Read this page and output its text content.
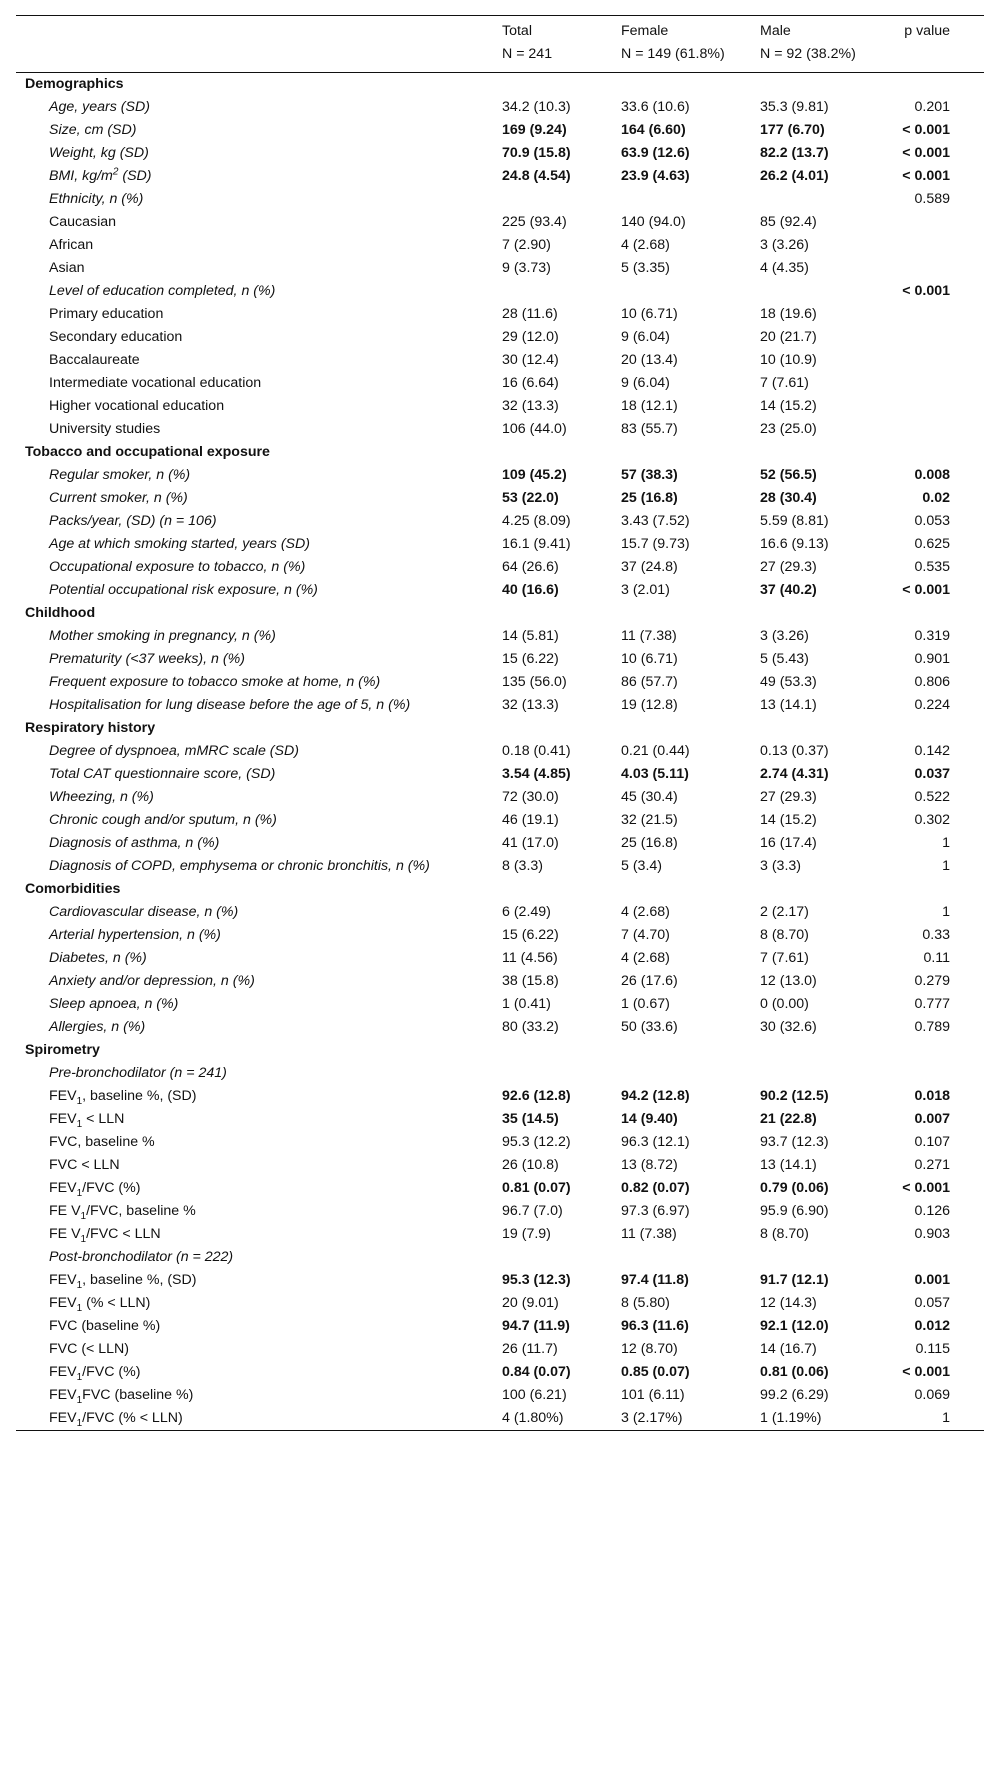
	Total	Female	Male	p value
	N = 241	N = 149 (61.8%)	N = 92 (38.2%)	
Demographics				
Age, years (SD)	34.2 (10.3)	33.6 (10.6)	35.3 (9.81)	0.201
Size, cm (SD)	169 (9.24)	164 (6.60)	177 (6.70)	< 0.001
Weight, kg (SD)	70.9 (15.8)	63.9 (12.6)	82.2 (13.7)	< 0.001
BMI, $kg/m^2$ (SD)	24.8 (4.54)	23.9 (4.63)	26.2 (4.01)	< 0.001
Ethnicity, n (%)				0.589
Caucasian	225 (93.4)	140 (94.0)	85 (92.4)	
African	7 (2.90)	4 (2.68)	3 (3.26)	
Asian	9 (3.73)	5 (3.35)	4 (4.35)	
Level of education completed, n (%)				< 0.001
Primary education	28 (11.6)	10 (6.71)	18 (19.6)	
Secondary education	29 (12.0)	9 (6.04)	20 (21.7)	
Baccalaureate	30 (12.4)	20 (13.4)	10 (10.9)	
Intermediate vocational education	16 (6.64)	9 (6.04)	7 (7.61)	
Higher vocational education	32 (13.3)	18 (12.1)	14 (15.2)	
University studies	106 (44.0)	83 (55.7)	23 (25.0)	
Tobacco and occupational exposure				
Regular smoker, n (%)	109 (45.2)	57 (38.3)	52 (56.5)	0.008
Current smoker, n (%)	53 (22.0)	25 (16.8)	28 (30.4)	0.02
Packs/year, (SD) (n = 106)	4.25 (8.09)	3.43 (7.52)	5.59 (8.81)	0.053
Age at which smoking started, years (SD)	16.1 (9.41)	15.7 (9.73)	16.6 (9.13)	0.625
Occupational exposure to tobacco, n (%)	64 (26.6)	37 (24.8)	27 (29.3)	0.535
Potential occupational risk exposure, n (%)	40 (16.6)	3 (2.01)	37 (40.2)	< 0.001
Childhood				
Mother smoking in pregnancy, n (%)	14 (5.81)	11 (7.38)	3 (3.26)	0.319
Prematurity (<37 weeks), n (%)	15 (6.22)	10 (6.71)	5 (5.43)	0.901
Frequent exposure to tobacco smoke at home, n (%)	135 (56.0)	86 (57.7)	49 (53.3)	0.806
Hospitalisation for lung disease before the age of 5, n (%)	32 (13.3)	19 (12.8)	13 (14.1)	0.224
Respiratory history				
Degree of dyspnoea, mMRC scale (SD)	0.18 (0.41)	0.21 (0.44)	0.13 (0.37)	0.142
Total CAT questionnaire score, (SD)	3.54 (4.85)	4.03 (5.11)	2.74 (4.31)	0.037
Wheezing, n (%)	72 (30.0)	45 (30.4)	27 (29.3)	0.522
Chronic cough and/or sputum, n (%)	46 (19.1)	32 (21.5)	14 (15.2)	0.302
Diagnosis of asthma, n (%)	41 (17.0)	25 (16.8)	16 (17.4)	1
Diagnosis of COPD, emphysema or chronic bronchitis, n (%)	8 (3.3)	5 (3.4)	3 (3.3)	1
Comorbidities				
Cardiovascular disease, n (%)	6 (2.49)	4 (2.68)	2 (2.17)	1
Arterial hypertension, n (%)	15 (6.22)	7 (4.70)	8 (8.70)	0.33
Diabetes, n (%)	11 (4.56)	4 (2.68)	7 (7.61)	0.11
Anxiety and/or depression, n (%)	38 (15.8)	26 (17.6)	12 (13.0)	0.279
Sleep apnoea, n (%)	1 (0.41)	1 (0.67)	0 (0.00)	0.777
Allergies, n (%)	80 (33.2)	50 (33.6)	30 (32.6)	0.789
Spirometry				
Pre-bronchodilator (n = 241)				
$FEV_1$, baseline %, (SD)	92.6 (12.8)	94.2 (12.8)	90.2 (12.5)	0.018
$FEV_1$ < LLN	35 (14.5)	14 (9.40)	21 (22.8)	0.007
FVC, baseline %	95.3 (12.2)	96.3 (12.1)	93.7 (12.3)	0.107
FVC < LLN	26 (10.8)	13 (8.72)	13 (14.1)	0.271
$FEV_1$/FVC (%)	0.81 (0.07)	0.82 (0.07)	0.79 (0.06)	< 0.001
FE $V_1$/FVC, baseline %	96.7 (7.0)	97.3 (6.97)	95.9 (6.90)	0.126
FE $V_1$/FVC < LLN	19 (7.9)	11 (7.38)	8 (8.70)	0.903
Post-bronchodilator (n = 222)				
$FEV_1$, baseline %, (SD)	95.3 (12.3)	97.4 (11.8)	91.7 (12.1)	0.001
$FEV_1$ (% < LLN)	20 (9.01)	8 (5.80)	12 (14.3)	0.057
FVC (baseline %)	94.7 (11.9)	96.3 (11.6)	92.1 (12.0)	0.012
FVC (< LLN)	26 (11.7)	12 (8.70)	14 (16.7)	0.115
$FEV_1$/FVC (%)	0.84 (0.07)	0.85 (0.07)	0.81 (0.06)	< 0.001
$FEV_1FVC$ (baseline %)	100 (6.21)	101 (6.11)	99.2 (6.29)	0.069
$FEV_1$/FVC (% < LLN)	4 (1.80%)	3 (2.17%)	1 (1.19%)	1
